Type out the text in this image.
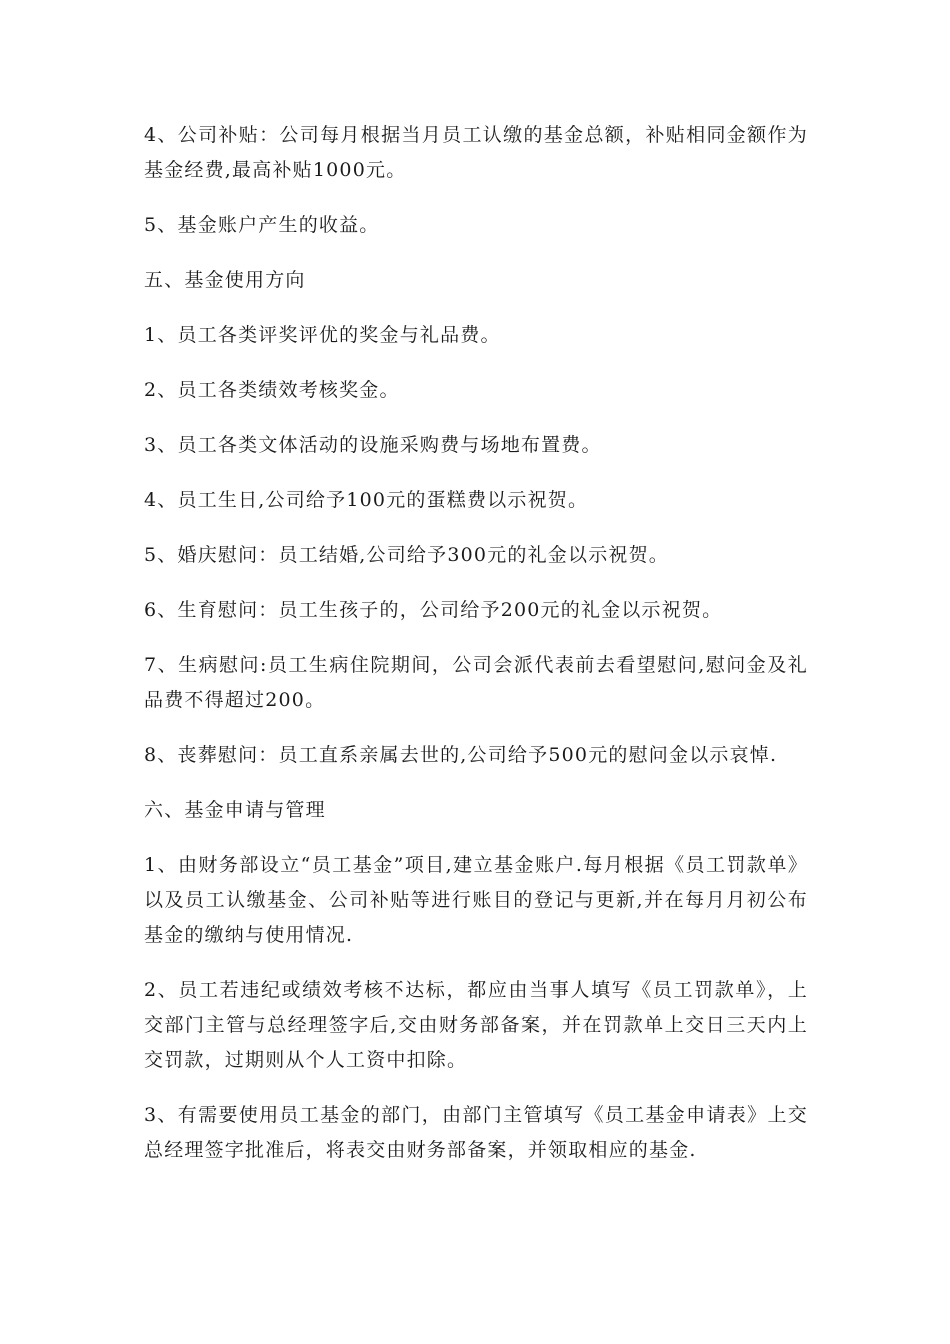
4、公司补贴：公司每月根据当月员工认缴的基金总额，补贴相同金额作为基金经费,最高补贴1000元。

5、基金账户产生的收益。

五、基金使用方向

1、员工各类评奖评优的奖金与礼品费。

2、员工各类绩效考核奖金。

3、员工各类文体活动的设施采购费与场地布置费。

4、员工生日,公司给予100元的蛋糕费以示祝贺。

5、婚庆慰问：员工结婚,公司给予300元的礼金以示祝贺。

6、生育慰问：员工生孩子的，公司给予200元的礼金以示祝贺。

7、生病慰问:员工生病住院期间，公司会派代表前去看望慰问,慰问金及礼品费不得超过200。

8、丧葬慰问：员工直系亲属去世的,公司给予500元的慰问金以示哀悼.

六、基金申请与管理

1、由财务部设立“员工基金”项目,建立基金账户.每月根据《员工罚款单》以及员工认缴基金、公司补贴等进行账目的登记与更新,并在每月月初公布基金的缴纳与使用情况.

2、员工若违纪或绩效考核不达标，都应由当事人填写《员工罚款单》，上交部门主管与总经理签字后,交由财务部备案，并在罚款单上交日三天内上交罚款，过期则从个人工资中扣除。

3、有需要使用员工基金的部门，由部门主管填写《员工基金申请表》上交总经理签字批准后，将表交由财务部备案，并领取相应的基金.
